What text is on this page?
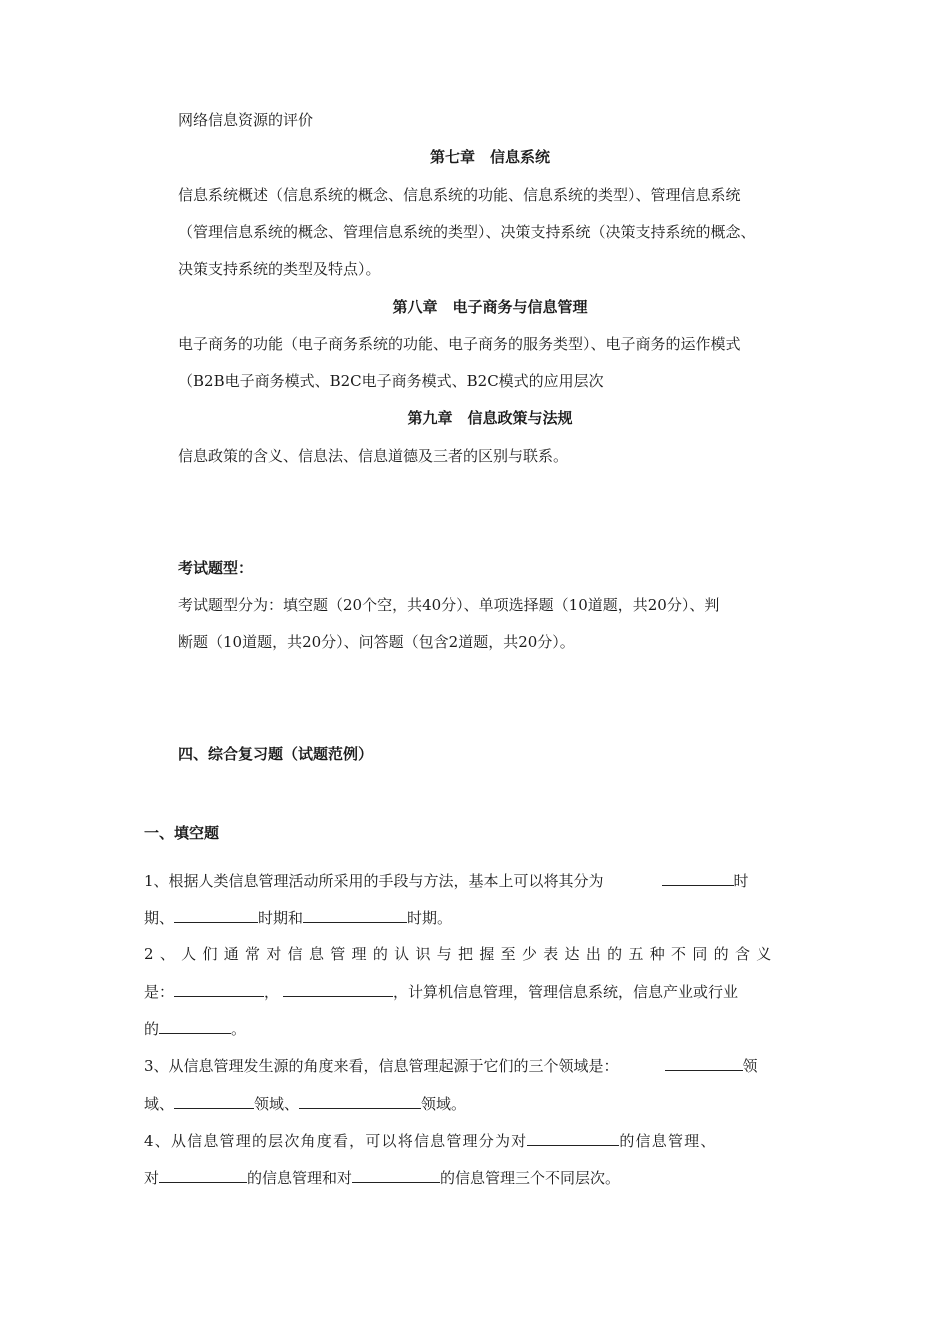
网络信息资源的评价
第七章　信息系统
信息系统概述（信息系统的概念、信息系统的功能、信息系统的类型）、管理信息系统
（管理信息系统的概念、管理信息系统的类型）、决策支持系统（决策支持系统的概念、
决策支持系统的类型及特点）。
第八章　电子商务与信息管理
电子商务的功能（电子商务系统的功能、电子商务的服务类型）、电子商务的运作模式
（B2B电子商务模式、B2C电子商务模式、B2C模式的应用层次
第九章　信息政策与法规
信息政策的含义、信息法、信息道德及三者的区别与联系。
考试题型：
考试题型分为：填空题（20个空，共40分）、单项选择题（10道题，共20分）、判
断题（10道题，共20分）、问答题（包含2道题，共20分）。
四、综合复习题（试题范例）
一、填空题
1、根据人类信息管理活动所采用的手段与方法，基本上可以将其分为	时
期、	时期和	时期。
2、人们通常对信息管理的认识与把握至少表达出的五种不同的含义
是：	，	，计算机信息管理，管理信息系统，信息产业或行业
的	。
3、从信息管理发生源的角度来看，信息管理起源于它们的三个领域是：	领
域、	领域、	领域。
4、从信息管理的层次角度看，可以将信息管理分为对	的信息管理、
对	的信息管理和对	的信息管理三个不同层次。
